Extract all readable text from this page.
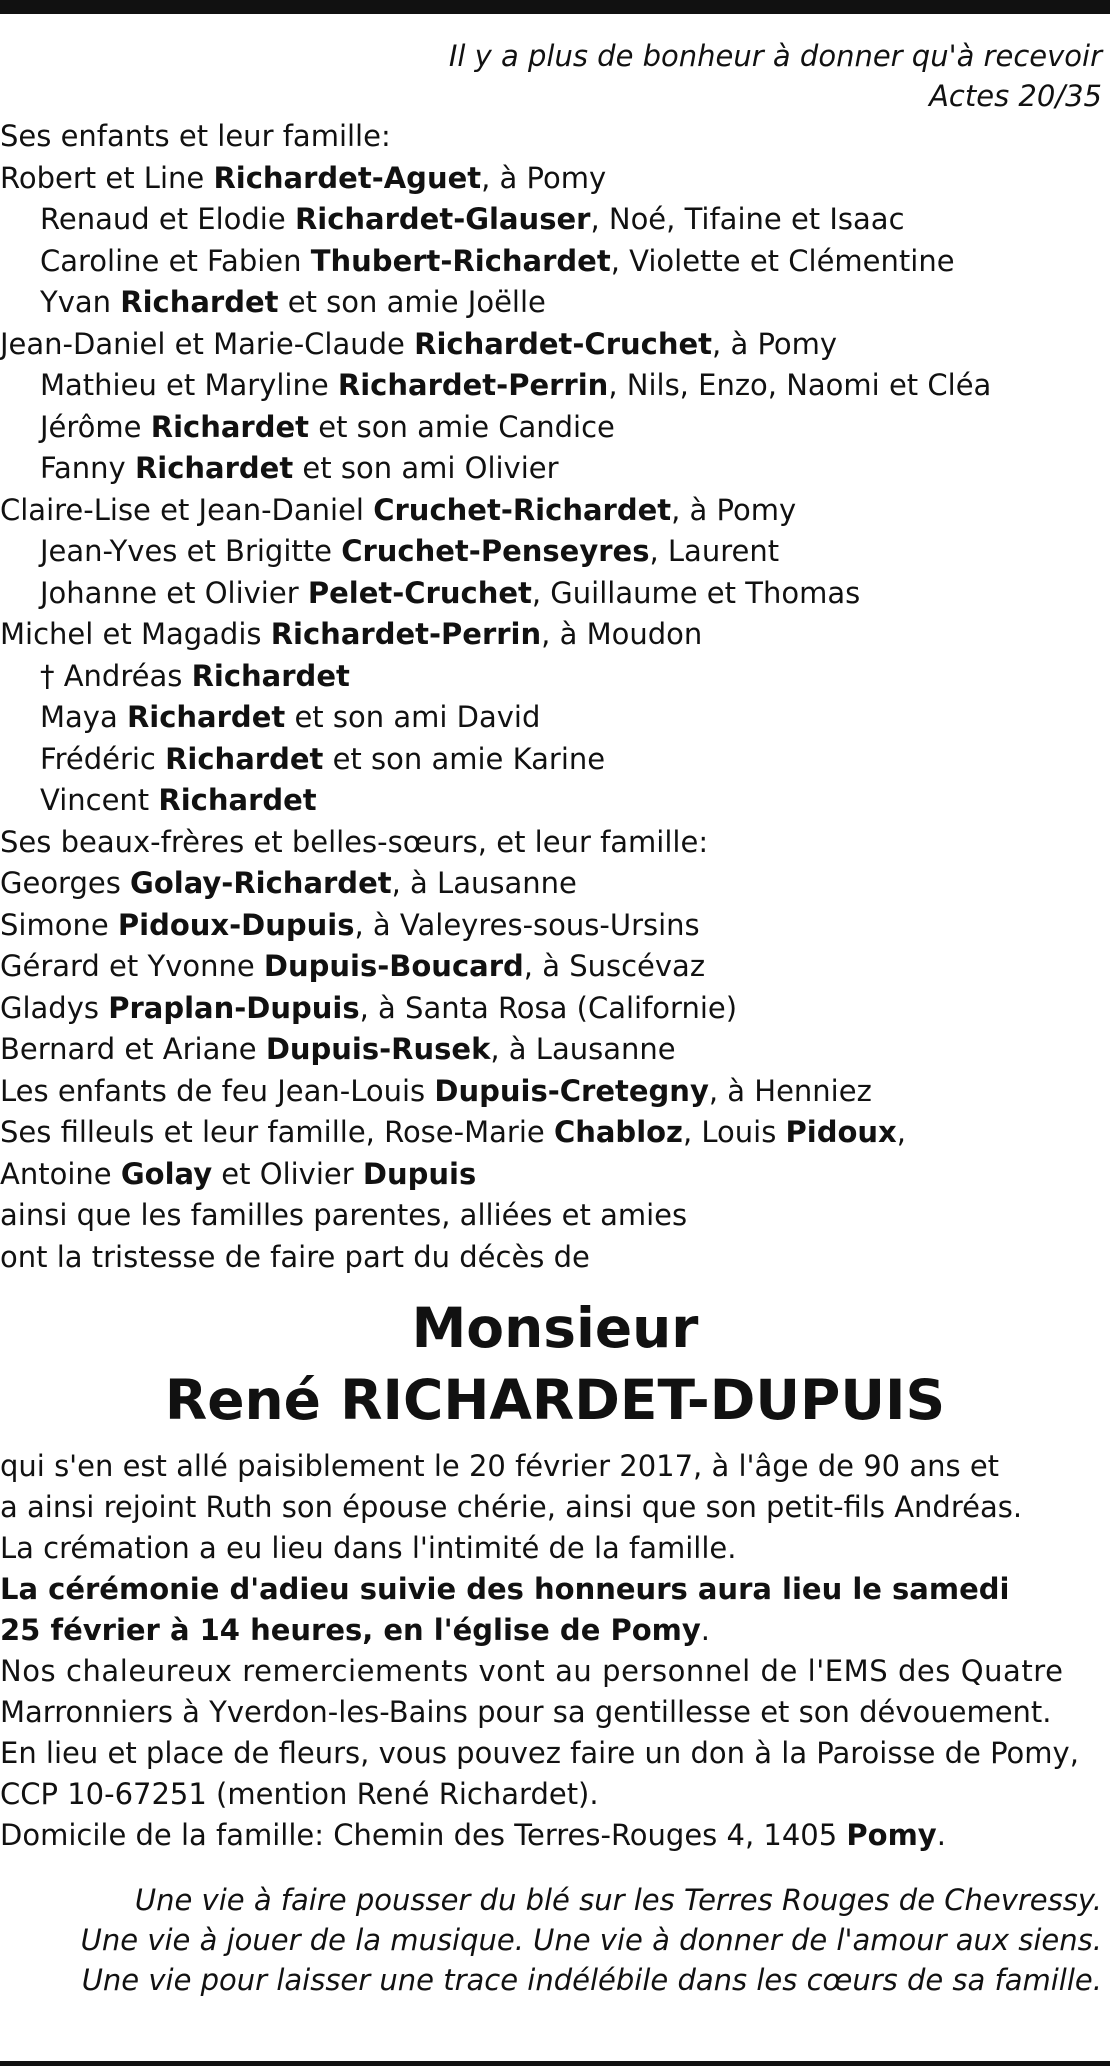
Il y a plus de bonheur à donner qu'à recevoir
Actes 20/35
Ses enfants et leur famille:
Robert et Line Richardet-Aguet, à Pomy
Renaud et Elodie Richardet-Glauser, Noé, Tifaine et Isaac
Caroline et Fabien Thubert-Richardet, Violette et Clémentine
Yvan Richardet et son amie Joëlle
Jean-Daniel et Marie-Claude Richardet-Cruchet, à Pomy
Mathieu et Maryline Richardet-Perrin, Nils, Enzo, Naomi et Cléa
Jérôme Richardet et son amie Candice
Fanny Richardet et son ami Olivier
Claire-Lise et Jean-Daniel Cruchet-Richardet, à Pomy
Jean-Yves et Brigitte Cruchet-Penseyres, Laurent
Johanne et Olivier Pelet-Cruchet, Guillaume et Thomas
Michel et Magadis Richardet-Perrin, à Moudon
† Andréas Richardet
Maya Richardet et son ami David
Frédéric Richardet et son amie Karine
Vincent Richardet
Ses beaux-frères et belles-sœurs, et leur famille:
Georges Golay-Richardet, à Lausanne
Simone Pidoux-Dupuis, à Valeyres-sous-Ursins
Gérard et Yvonne Dupuis-Boucard, à Suscévaz
Gladys Praplan-Dupuis, à Santa Rosa (Californie)
Bernard et Ariane Dupuis-Rusek, à Lausanne
Les enfants de feu Jean-Louis Dupuis-Cretegny, à Henniez
Ses filleuls et leur famille, Rose-Marie Chabloz, Louis Pidoux,
Antoine Golay et Olivier Dupuis
ainsi que les familles parentes, alliées et amies
ont la tristesse de faire part du décès de
Monsieur
René RICHARDET-DUPUIS
qui s'en est allé paisiblement le 20 février 2017, à l'âge de 90 ans et
a ainsi rejoint Ruth son épouse chérie, ainsi que son petit-fils Andréas.
La crémation a eu lieu dans l'intimité de la famille.
La cérémonie d'adieu suivie des honneurs aura lieu le samedi
25 février à 14 heures, en l'église de Pomy.
Nos chaleureux remerciements vont au personnel de l'EMS des Quatre
Marronniers à Yverdon-les-Bains pour sa gentillesse et son dévouement.
En lieu et place de fleurs, vous pouvez faire un don à la Paroisse de Pomy,
CCP 10-67251 (mention René Richardet).
Domicile de la famille: Chemin des Terres-Rouges 4, 1405 Pomy.
Une vie à faire pousser du blé sur les Terres Rouges de Chevressy.
Une vie à jouer de la musique. Une vie à donner de l'amour aux siens.
Une vie pour laisser une trace indélébile dans les cœurs de sa famille.
